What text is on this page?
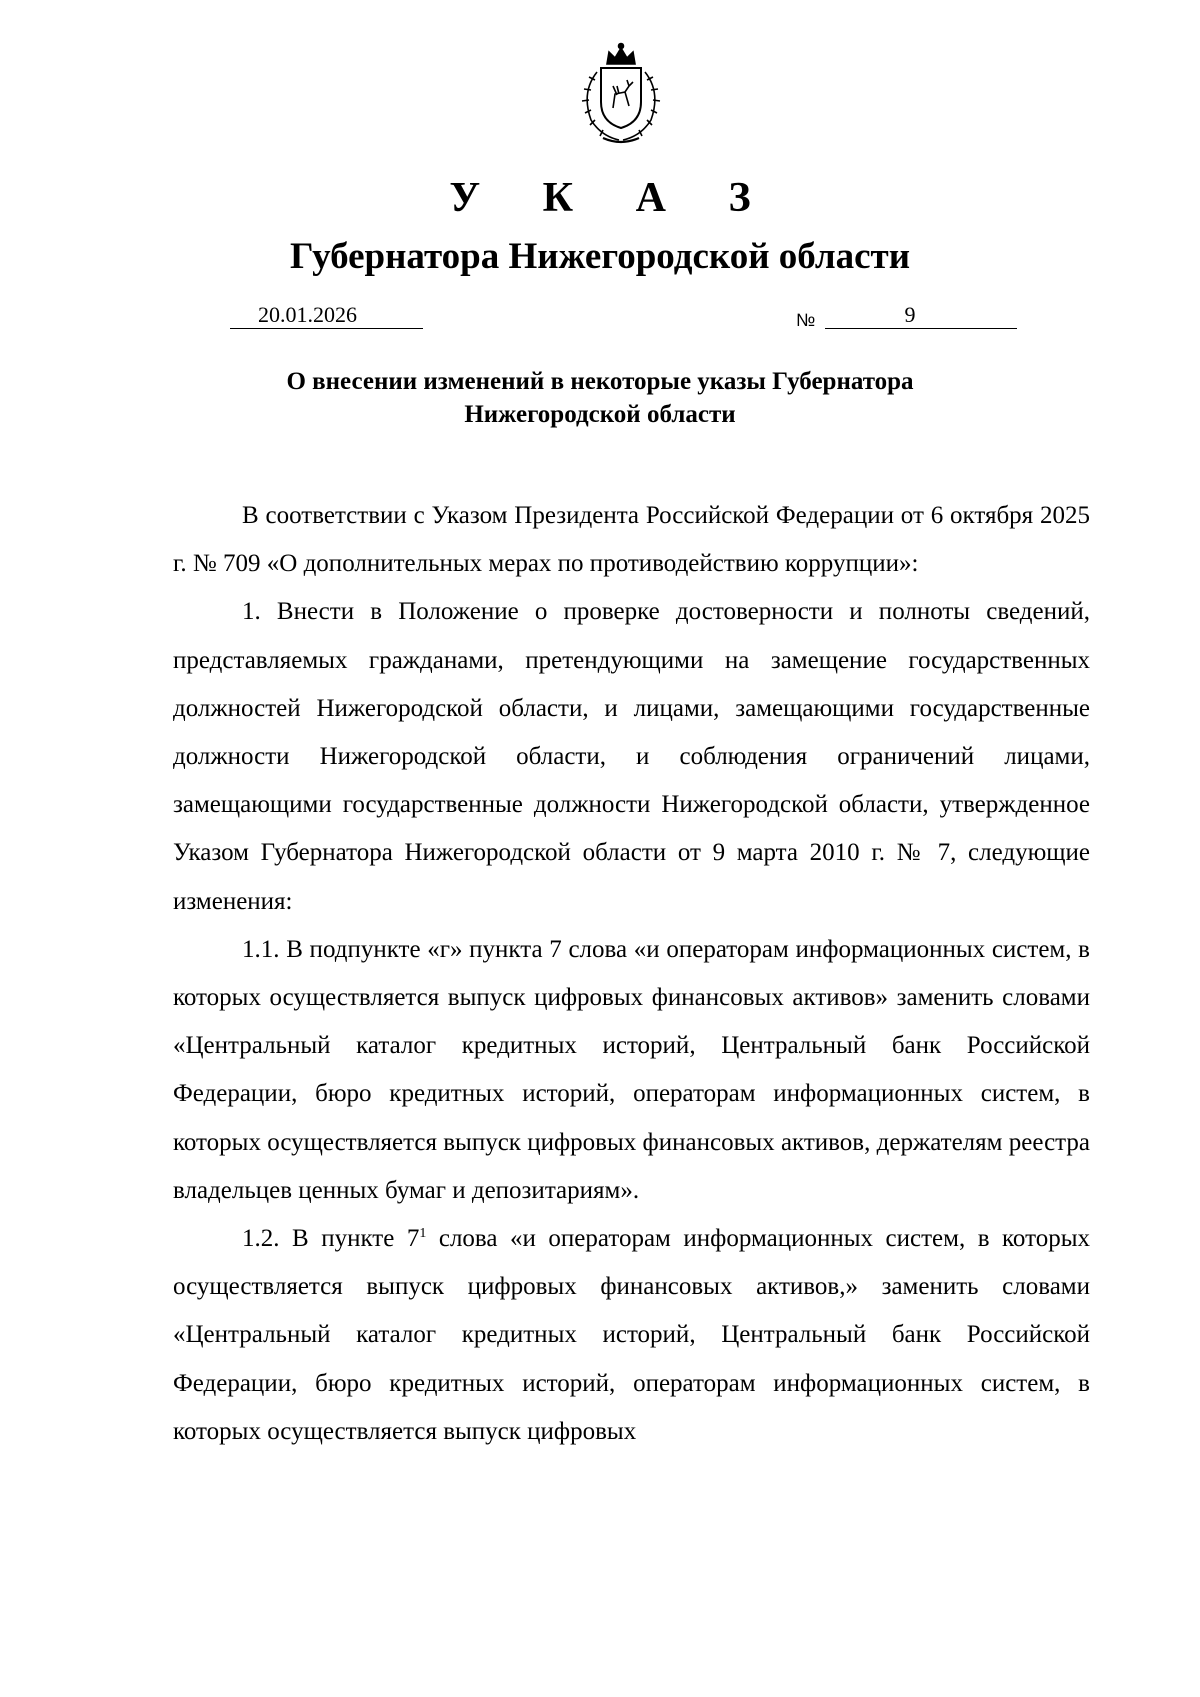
У К А З
Губернатора Нижегородской области
20.01.2026	№	9
О внесении изменений в некоторые указы Губернатора
Нижегородской области

В соответствии с Указом Президента Российской Федерации от 6 октября 2025 г. № 709 «О дополнительных мерах по противодействию коррупции»:

1. Внести в Положение о проверке достоверности и полноты сведений, представляемых гражданами, претендующими на замещение государственных должностей Нижегородской области, и лицами, замещающими государственные должности Нижегородской области, и соблюдения ограничений лицами, замещающими государственные должности Нижегородской области, утвержденное Указом Губернатора Нижегородской области от 9 марта 2010 г. № 7, следующие изменения:

1.1. В подпункте «г» пункта 7 слова «и операторам информационных систем, в которых осуществляется выпуск цифровых финансовых активов» заменить словами «Центральный каталог кредитных историй, Центральный банк Российской Федерации, бюро кредитных историй, операторам информационных систем, в которых осуществляется выпуск цифровых финансовых активов, держателям реестра владельцев ценных бумаг и депозитариям».

1.2. В пункте $7^1$ слова «и операторам информационных систем, в которых осуществляется выпуск цифровых финансовых активов,» заменить словами «Центральный каталог кредитных историй, Центральный банк Российской Федерации, бюро кредитных историй, операторам информационных систем, в которых осуществляется выпуск цифровых
